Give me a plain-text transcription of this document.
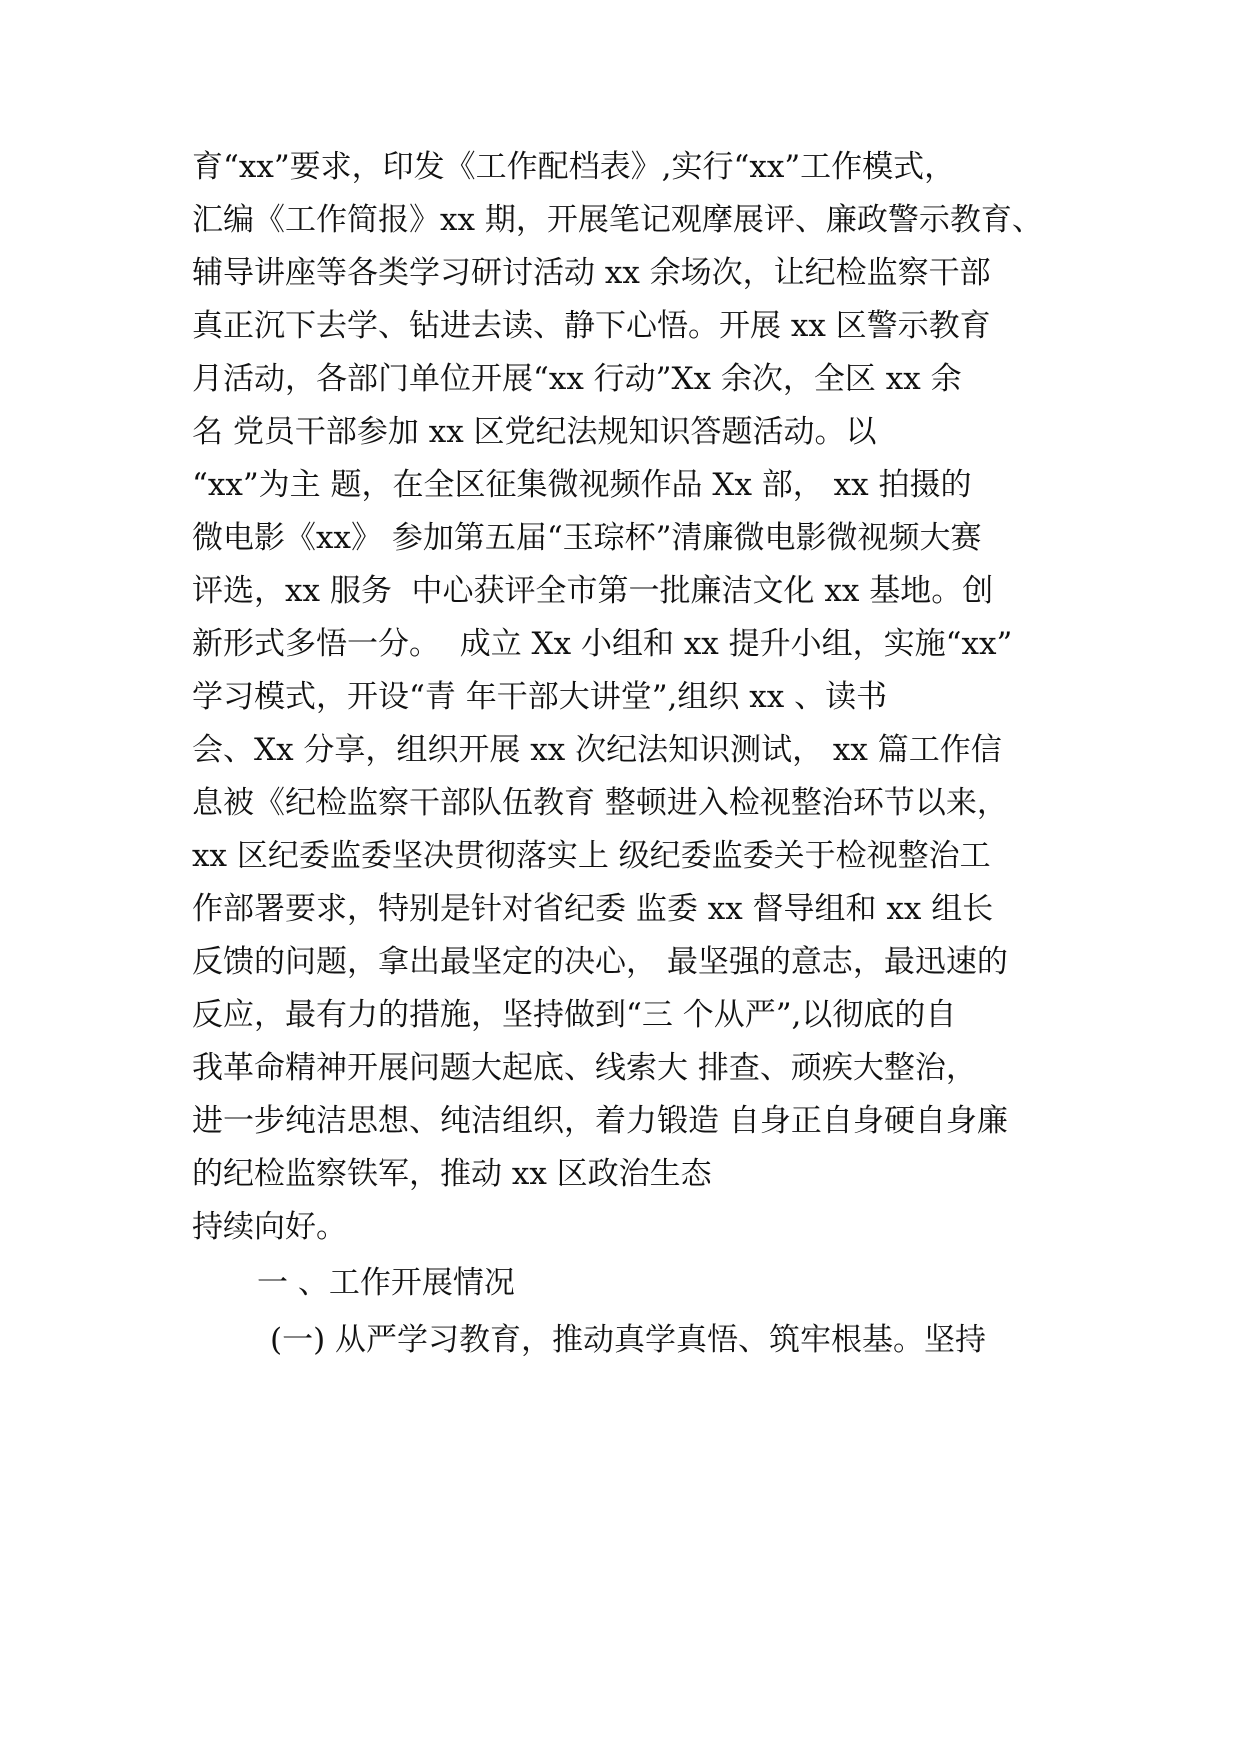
育“xx”要求，印发《工作配档表》,实行“xx”工作模式，
汇编《工作简报》xx 期，开展笔记观摩展评、廉政警示教育、
辅导讲座等各类学习研讨活动 xx 余场次，让纪检监察干部
真正沉下去学、钻进去读、静下心悟。开展 xx 区警示教育
月活动，各部门单位开展“xx 行动”Xx 余次，全区 xx 余
名 党员干部参加 xx 区党纪法规知识答题活动。以
“xx”为主 题，在全区征集微视频作品 Xx 部， xx 拍摄的
微电影《xx》 参加第五届“玉琮杯”清廉微电影微视频大赛
评选，xx 服务  中心获评全市第一批廉洁文化 xx 基地。创
新形式多悟一分。  成立 Xx 小组和 xx 提升小组，实施“xx”
学习模式，开设“青 年干部大讲堂”,组织 xx 、读书
会、Xx 分享，组织开展 xx 次纪法知识测试， xx 篇工作信
息被《纪检监察干部队伍教育 整顿进入检视整治环节以来，
xx 区纪委监委坚决贯彻落实上 级纪委监委关于检视整治工
作部署要求，特别是针对省纪委 监委 xx 督导组和 xx 组长
反馈的问题，拿出最坚定的决心， 最坚强的意志，最迅速的
反应，最有力的措施，坚持做到“三 个从严”,以彻底的自
我革命精神开展问题大起底、线索大 排查、顽疾大整治，
进一步纯洁思想、纯洁组织，着力锻造 自身正自身硬自身廉
的纪检监察铁军，推动 xx 区政治生态
持续向好。
一 、工作开展情况
(一) 从严学习教育，推动真学真悟、筑牢根基。坚持
